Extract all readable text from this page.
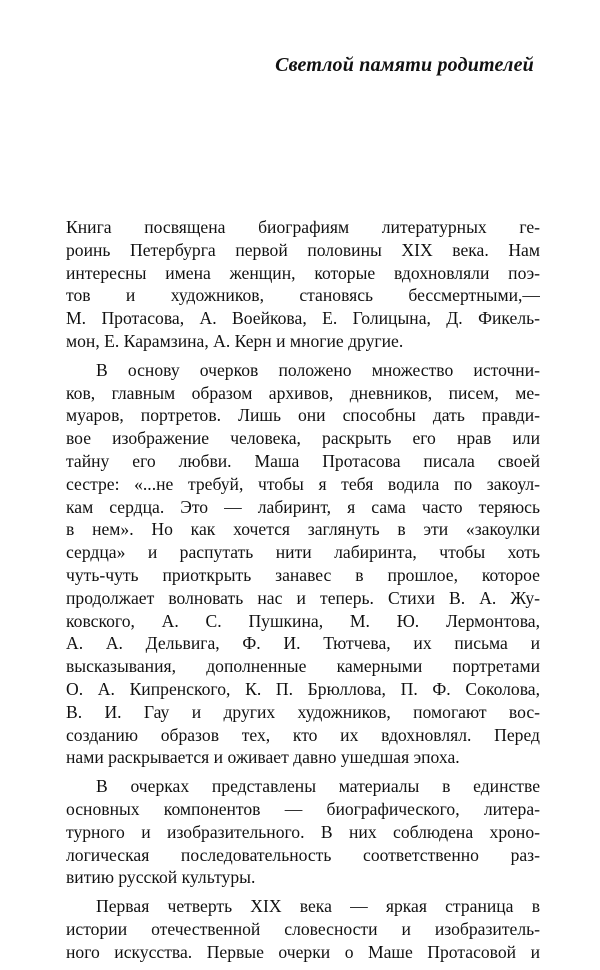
Светлой памяти родителей
Книга посвящена биографиям литературных ге-
роинь Петербурга первой половины XIX века. Нам
интересны имена женщин, которые вдохновляли поэ-
тов и художников, становясь бессмертными,—
М. Протасова, А. Воейкова, Е. Голицына, Д. Фикель-
мон, Е. Карамзина, А. Керн и многие другие.
В основу очерков положено множество источни-
ков, главным образом архивов, дневников, писем, ме-
муаров, портретов. Лишь они способны дать правди-
вое изображение человека, раскрыть его нрав или
тайну его любви. Маша Протасова писала своей
сестре: «...не требуй, чтобы я тебя водила по закоул-
кам сердца. Это — лабиринт, я сама часто теряюсь
в нем». Но как хочется заглянуть в эти «закоулки
сердца» и распутать нити лабиринта, чтобы хоть
чуть-чуть приоткрыть занавес в прошлое, которое
продолжает волновать нас и теперь. Стихи В. А. Жу-
ковского, А. С. Пушкина, М. Ю. Лермонтова,
А. А. Дельвига, Ф. И. Тютчева, их письма и
высказывания, дополненные камерными портретами
О. А. Кипренского, К. П. Брюллова, П. Ф. Соколова,
В. И. Гау и других художников, помогают вос-
созданию образов тех, кто их вдохновлял. Перед
нами раскрывается и оживает давно ушедшая эпоха.
В очерках представлены материалы в единстве
основных компонентов — биографического, литера-
турного и изобразительного. В них соблюдена хроно-
логическая последовательность соответственно раз-
витию русской культуры.
Первая четверть XIX века — яркая страница в
истории отечественной словесности и изобразитель-
ного искусства. Первые очерки о Маше Протасовой и
